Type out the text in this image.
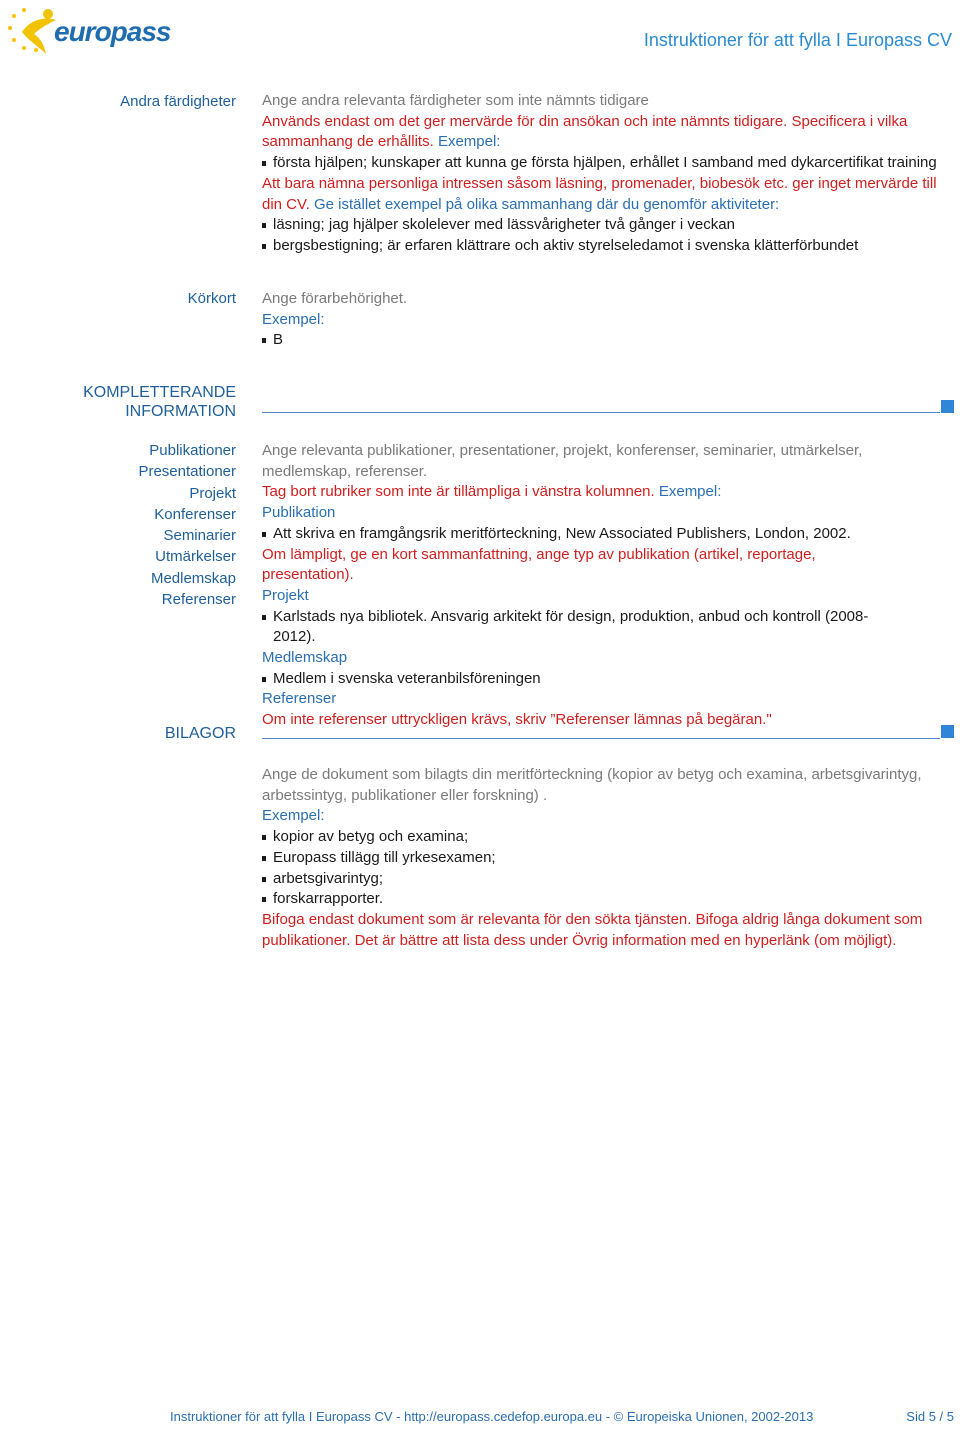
europass	Instruktioner för att fylla I Europass CV
Andra färdigheter Ange andra relevanta färdigheter som inte nämnts tidigare
Används endast om det ger mervärde för din ansökan och inte nämnts tidigare. Specificera i vilka sammanhang de erhållits. Exempel:
första hjälpen; kunskaper att kunna ge första hjälpen, erhållet I samband med dykarcertifikat training
Att bara nämna personliga intressen såsom läsning, promenader, biobesök etc. ger inget mervärde till din CV. Ge istället exempel på olika sammanhang där du genomför aktiviteter:
läsning; jag hjälper skolelever med lässvårigheter två gånger i veckan
bergsbestigning; är erfaren klättrare och aktiv styrelseledamot i svenska klätterförbundet
Körkort Ange förarbehörighet.
Exempel:
B
KOMPLETTERANDE
INFORMATION
Publikationer
Presentationer
Projekt
Konferenser
Seminarier
Utmärkelser
Medlemskap
Referenser
Ange relevanta publikationer, presentationer, projekt, konferenser, seminarier, utmärkelser, medlemskap, referenser.
Tag bort rubriker som inte är tillämpliga i vänstra kolumnen. Exempel:
Publikation
Att skriva en framgångsrik meritförteckning, New Associated Publishers, London, 2002.
Om lämpligt, ge en kort sammanfattning, ange typ av publikation (artikel, reportage, presentation).
Projekt
Karlstads nya bibliotek. Ansvarig arkitekt för design, produktion, anbud och kontroll (2008-2012).
Medlemskap
Medlem i svenska veteranbilsföreningen
Referenser
Om inte referenser uttryckligen krävs, skriv ”Referenser lämnas på begäran."
BILAGOR
Ange de dokument som bilagts din meritförteckning (kopior av betyg och examina, arbetsgivarintyg, arbetssintyg, publikationer eller forskning) .
Exempel:
kopior av betyg och examina;
Europass tillägg till yrkesexamen;
arbetsgivarintyg;
forskarrapporter.
Bifoga endast dokument som är relevanta för den sökta tjänsten. Bifoga aldrig långa dokument som publikationer. Det är bättre att lista dess under Övrig information med en hyperlänk (om möjligt).
Instruktioner för att fylla I Europass CV - http://europass.cedefop.europa.eu - © Europeiska Unionen, 2002-2013	Sid 5 / 5
